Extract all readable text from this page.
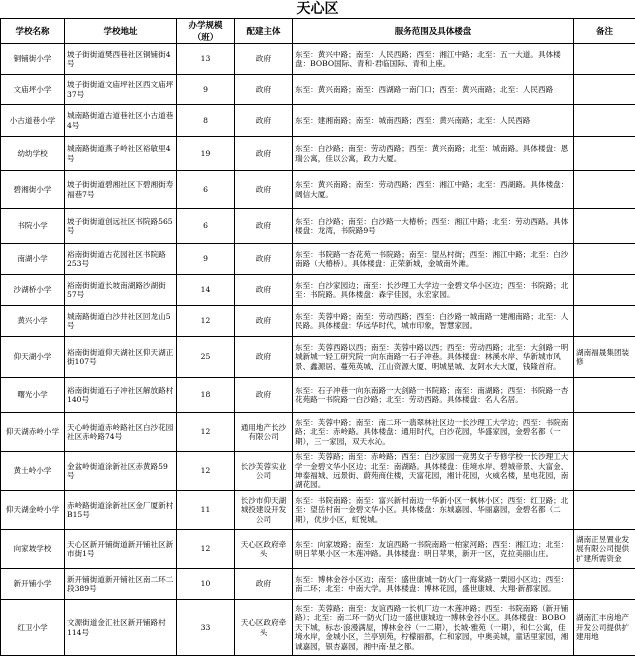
天心区
学校名称	学校地址	办学规模（班）	配建主体	服务范围及具体楼盘	备注
铜铺街小学	坡子街街道樊西巷社区铜铺街4号	13	政府	东至：黄兴中路；南至：人民西路；西至：湘江中路；北至：五一大道。具体楼盘：BOBO国际、青和·君临国际、青和上座。	
文庙坪小学	坡子街街道文庙坪社区西文庙坪37号	9	政府	东至：黄兴南路；南至：西湖路一南门口；西至：黄兴南路；北至：人民西路	
小古道巷小学	城南路街道古道巷社区小古道巷4号	8	政府	东至：建湘南路；南至：城南西路；西至：黄兴南路；北至：人民西路	
幼幼学校	城南路街道燕子岭社区裕敏里4号	19	政府	东至：白沙路；南至：劳动西路；西至：黄兴南路；北至：城南路。具体楼盘：恩瑞公寓，佳以公寓，政力大厦。	
碧湘街小学	坡子街街道碧湘社区下碧湘街寿福巷7号	6	政府	东至：黄兴南路；南至：劳动西路；西至：湘江中路；北至：西湖路。具体楼盘：阔信大厦。	
书院小学	坡子街街道创远社区书院路565号	6	政府	东至：白沙路；南至：白沙路一大椿桥；西至：湘江中路；北至：劳动西路。具体楼盘：龙湾，书院路9号	
南湖小学	裕南街街道古花园社区书院路253号	9	政府	东至：书院路一杏花苑一书院路；南至：望丛村街；西至：湘江中路；北至：白沙南路（大椿桥）。具体楼盘：正荣新城，金城南外滩。	
沙湖桥小学	裕南街街道长坡南湖路沙湖街57号	14	政府	东至：白沙家园边；南至：长沙理工大学边一金碧文华小区边；西至：书院路；北至：书院路。具体楼盘：森宇佳园，永宏家园。	
黄兴小学	城南路街道白沙井社区回龙山5号	12	政府	东至：芙蓉中路；南至：劳动西路；西至：白沙路一城南路一建湘南路；北至：人民路。具体楼盘：华远华时代，城市印象，智慧家园。	
仰天湖小学	裕南街街道仰天湖社区仰天湖正街107号	25	政府	东至：芙蓉西路以西；南至：芙蓉中路以西；西至：劳动西路；北至：大剑路一明城新城一轻工研究院一向东南路一石子冲巷。具体楼盘：林溪水岸、华新城市风景、鑫源居、蔓苑英城、江山资源大厦、明城星城、友阿水大大厦，钱隆首府。	湖南福晟集团装修
曙光小学	裕南街街道石子冲社区解放路村140号	18	政府	东至：石子冲巷一向东南路一大剑路一书院路；南至：南湖路；西至：书院路一杏花苑路一书院路一白沙路；北至：劳动西路。具体楼盘：名人名居。	
仰天湖赤岭小学	天心岭街道赤岭路社区白沙花园社区赤岭路74号	12	通用地产长沙有限公司	东至：芙蓉中路；南至：南二环一翡翠林社区边一长沙理工大学边；西至：书院南路；北至：赤岭路。具体楼盘：通用时代，白沙花园，华盛家园，金碧名都（一期），三一家园，双天水沁。	
黄土岭小学	金盆岭街道涂新社区赤黄路59号	12	长沙芙蓉实业公司	东至：芙蓉路；南至：赤岭路；西至：白沙家园一竞男女子专修学校一长沙理工大学一金碧文华小区边；北至：南湖路。具体楼盘：佳境水岸、碧城帝景、大富金、坤泰福城、远景街、蔚苑商住楼，天富花园，湘计花园，火威名楼，星电花园，南湖花园。	
仰天湖金岭小学	赤岭路街道涂新社区金厂厦新村B15号	11	长沙市仰天湖城投建设开发公司	东至：书院南路；南至：富兴新村南边一华新小区一枫林小区；西至：红卫路；北至：望岳村南一金碧文华小区。具体楼盘：东城嘉园、华丽嘉园，金碧名都（二期），优步小区，虹悦城。	
向家坡学校	天心区新开铺街道新开铺社区新市街1号	12	天心区政府牵头	东至：向家坡路；南至：友谊西路一书院南路一柏家河路；西至：湘江边；北至：明日苹果小区一木莲冲路。具体楼盘：明日苹果，新开一区，克拉美丽山庄。	湖南正昱置业发展有限公司提供扩建所需资金
新开铺小学	新开铺街道新开铺社区南二环二段389号	10	政府	东至：博林金谷小区边；南至：盛世康城一防火门一海棠路一栗园小区边；西至：南二环；北至：中南大学。具体楼盘：博林花园，盛世康城、大翔·新都家园。	
红卫小学	文源街道金汇社区新开铺路村114号	33	天心区政府牵头	东至：芙蓉路；南至：友谊西路一长机厂边一木莲冲路；西至：书院南路（新开铺路）；北至：南二环一防火门边一盛世康城边一博林金谷小区。具体楼盘：BOBO天下城，标志·浪漫满屋，博林金谷（一二期），长城·雅苑（一期），和仁公寓，佳境水岸，金城小区，兰亭别苑，柠檬丽都，仁和家园，中奥美城，童话里家园，湘诚嘉园，银杏嘉园，湘中南·星之都。	湖南汇丰房地产开发公司提供扩建用地
